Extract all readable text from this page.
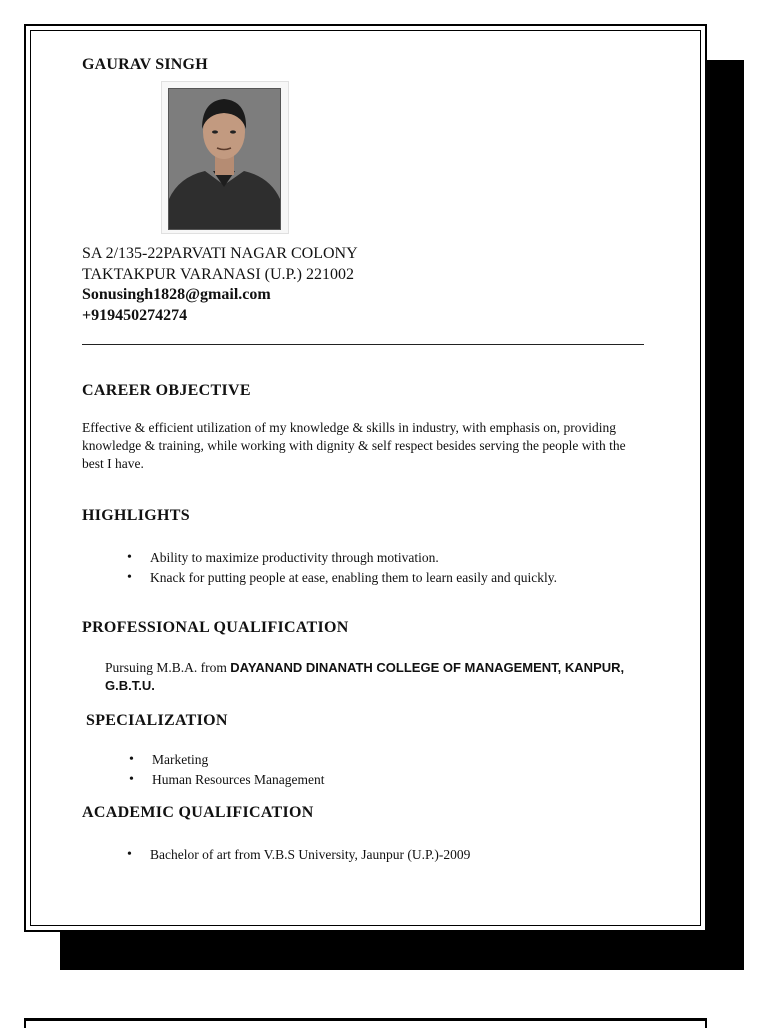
GAURAV SINGH
SA 2/135-22PARVATI NAGAR COLONY
TAKTAKPUR VARANASI (U.P.) 221002
Sonusingh1828@gmail.com
+919450274274
CAREER OBJECTIVE
Effective & efficient utilization of my knowledge & skills in industry, with emphasis on, providing knowledge & training, while working with dignity & self respect besides serving the people with the best I have.
HIGHLIGHTS
• Ability to maximize productivity through motivation.
• Knack for putting people at ease, enabling them to learn easily and quickly.
PROFESSIONAL QUALIFICATION
Pursuing M.B.A. from DAYANAND DINANATH COLLEGE OF MANAGEMENT, KANPUR, G.B.T.U.
SPECIALIZATION
• Marketing
• Human Resources Management
ACADEMIC QUALIFICATION
• Bachelor of art from V.B.S University, Jaunpur (U.P.)-2009
